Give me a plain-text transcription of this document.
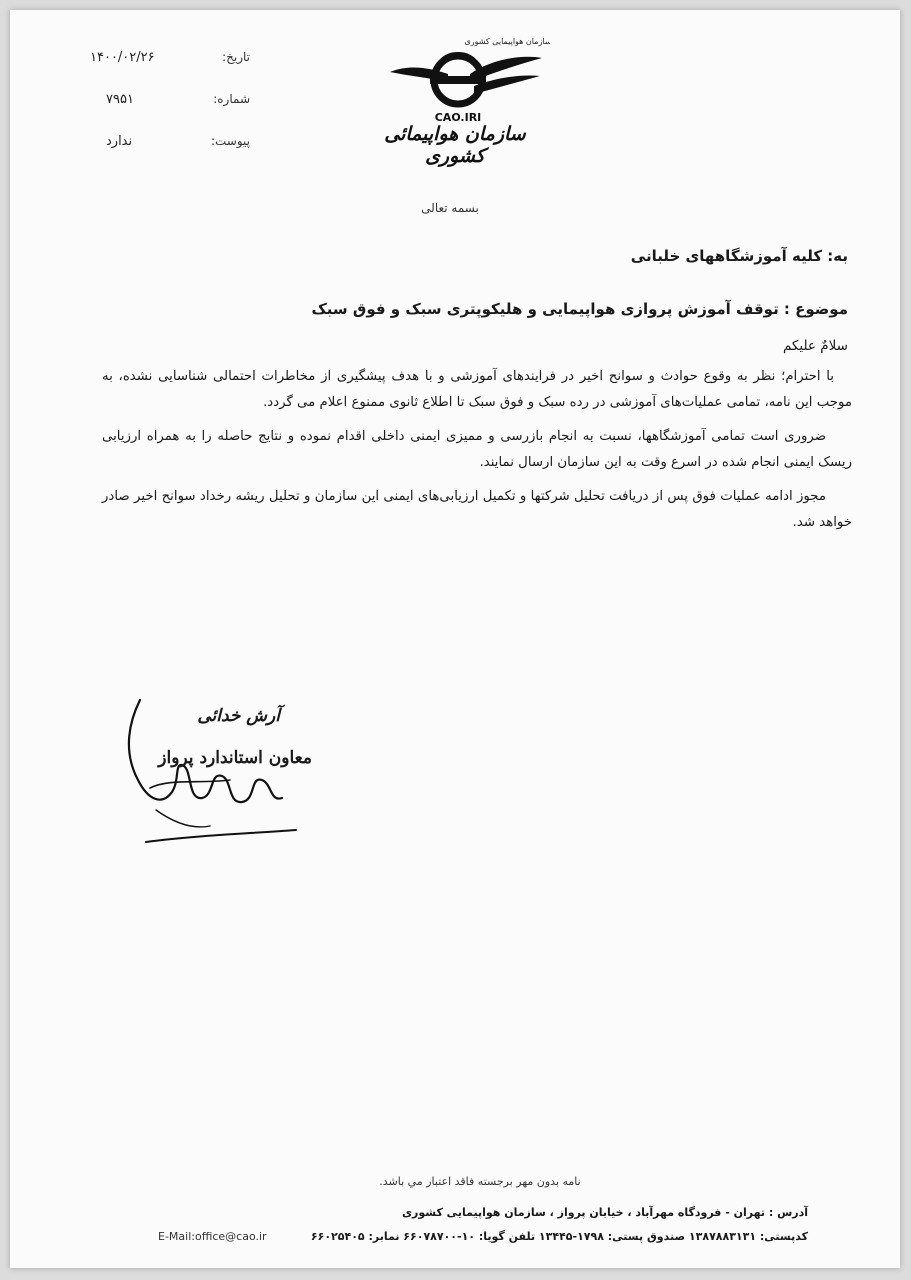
تاریخ:
۱۴۰۰/۰۲/۲۶
شماره:
۷۹۵۱
پیوست:
ندارد
سازمان هواپیمایی کشوری
CAO.IRI
سازمان هواپیمائی کشوری
بسمه تعالی
به: کلیه آموزشگاههای خلبانی
موضوع : توقف آموزش پروازی هواپیمایی و هلیکوپتری سبک و فوق سبک
سلامٌ علیکم

با احترام؛ نظر به وقوع حوادث و سوانح اخیر در فرایندهای آموزشی و با هدف پیشگیری از مخاطرات احتمالی شناسایی نشده، به موجب این نامه، تمامی عملیات‌های آموزشی در رده سبک و فوق سبک تا اطلاع ثانوی ممنوع اعلام می گردد.

ضروری است تمامی آموزشگاهها، نسبت به انجام بازرسی و ممیزی ایمنی داخلی اقدام نموده و نتایج حاصله را به همراه ارزیابی ریسک ایمنی انجام شده در اسرع وقت به این سازمان ارسال نمایند.

مجوز ادامه عملیات فوق پس از دریافت تحلیل شرکتها و تکمیل ارزیابی‌های ایمنی این سازمان و تحلیل ریشه رخداد سوانح اخیر صادر خواهد شد.

آرش خدائی
معاون استاندارد پرواز
نامه بدون مهر برجسته فاقد اعتبار مي باشد.
آدرس : تهران - فرودگاه مهرآباد ، خیابان پرواز ، سازمان هواپیمایی کشوری
کدپستی: ۱۳۸۷۸۸۳۱۳۱ صندوق پستی: ۱۷۹۸-۱۳۴۴۵ تلفن گویا: ۱۰-۶۶۰۷۸۷۰۰ نمابر: ۶۶۰۲۵۴۰۵
E-Mail:office@cao.ir
